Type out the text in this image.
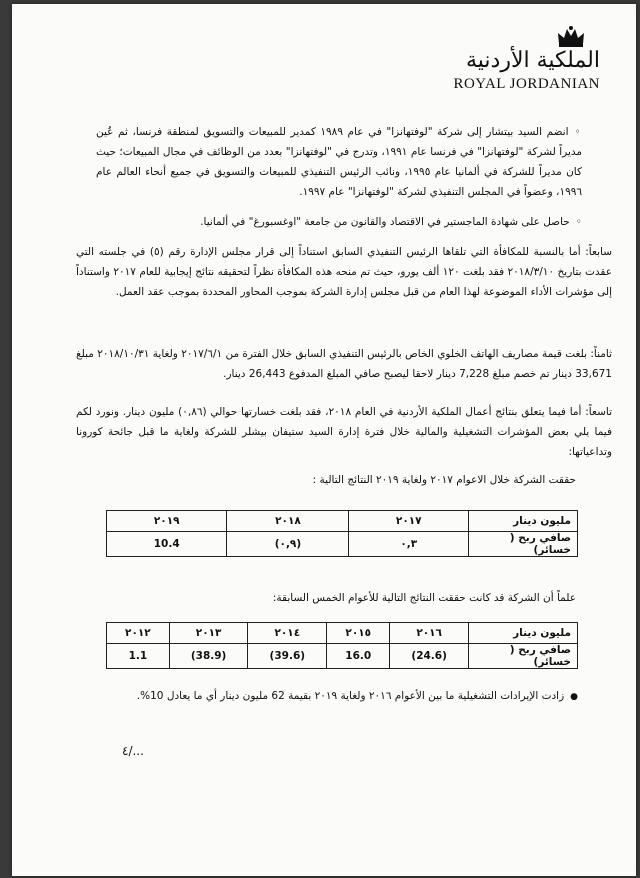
الملكية الأردنية
ROYAL JORDANIAN
◦ انضم السيد بيتشار إلى شركة "لوفتهانزا" في عام ١٩٨٩ كمدير للمبيعات والتسويق لمنطقة فرنسا، ثم عُين مديراً لشركة "لوفتهانزا" في فرنسا عام ١٩٩١، وتدرج في "لوفتهانزا" بعدد من الوظائف في مجال المبيعات؛ حيث كان مديراً للشركة في ألمانيا عام ١٩٩٥، ونائب الرئيس التنفيذي للمبيعات والتسويق في جميع أنحاء العالم عام ١٩٩٦، وعضواً في المجلس التنفيذي لشركة "لوفتهانزا" عام ١٩٩٧.
◦ حاصل على شهادة الماجستير في الاقتصاد والقانون من جامعة "اوغسبورغ" في ألمانيا.
سابعاً: أما بالنسبة للمكافأة التي تلقاها الرئيس التنفيذي السابق استناداً إلى قرار مجلس الإدارة رقم (٥) في جلسته التي عقدت بتاريخ ٢٠١٨/٣/١٠ فقد بلغت ١٢٠ ألف يورو، حيث تم منحه هذه المكافأة نظراً لتحقيقه نتائج إيجابية للعام ٢٠١٧ واستناداً إلى مؤشرات الأداء الموضوعة لهذا العام من قبل مجلس إدارة الشركة بموجب المحاور المحددة بموجب عقد العمل.
ثامناً: بلغت قيمة مصاريف الهاتف الخلوي الخاص بالرئيس التنفيذي السابق خلال الفترة من ٢٠١٧/٦/١ ولغاية ٢٠١٨/١٠/٣١ مبلغ 33,671 دينار تم خصم مبلغ 7,228 دينار لاحقا ليصبح صافي المبلغ المدفوع 26,443 دينار.
تاسعاً: أما فيما يتعلق بنتائج أعمال الملكية الأردنية في العام ٢٠١٨، فقد بلغت خسارتها حوالي (٠,٨٦) مليون دينار. ونورد لكم فيما يلي بعض المؤشرات التشغيلية والمالية خلال فترة إدارة السيد ستيفان بيشلر للشركة ولغاية ما قبل جائحة كورونا وتداعياتها:
حققت الشركة خلال الاعوام ٢٠١٧ ولغاية ٢٠١٩ النتائج التالية :
مليون دينار	٢٠١٧	٢٠١٨	٢٠١٩
صافي ربح ( خسائر)	٠,٣	(٠,٩)	10.4
علماً أن الشركة قد كانت حققت النتائج التالية للأعوام الخمس السابقة:
مليون دينار	٢٠١٦	٢٠١٥	٢٠١٤	٢٠١٣	٢٠١٢
صافي ربح ( خسائر)	(24.6)	16.0	(39.6)	(38.9)	1.1
● زادت الإيرادات التشغيلية ما بين الأعوام ٢٠١٦ ولغاية ٢٠١٩ بقيمة 62 مليون دينار أي ما يعادل 10%.
٤/...
